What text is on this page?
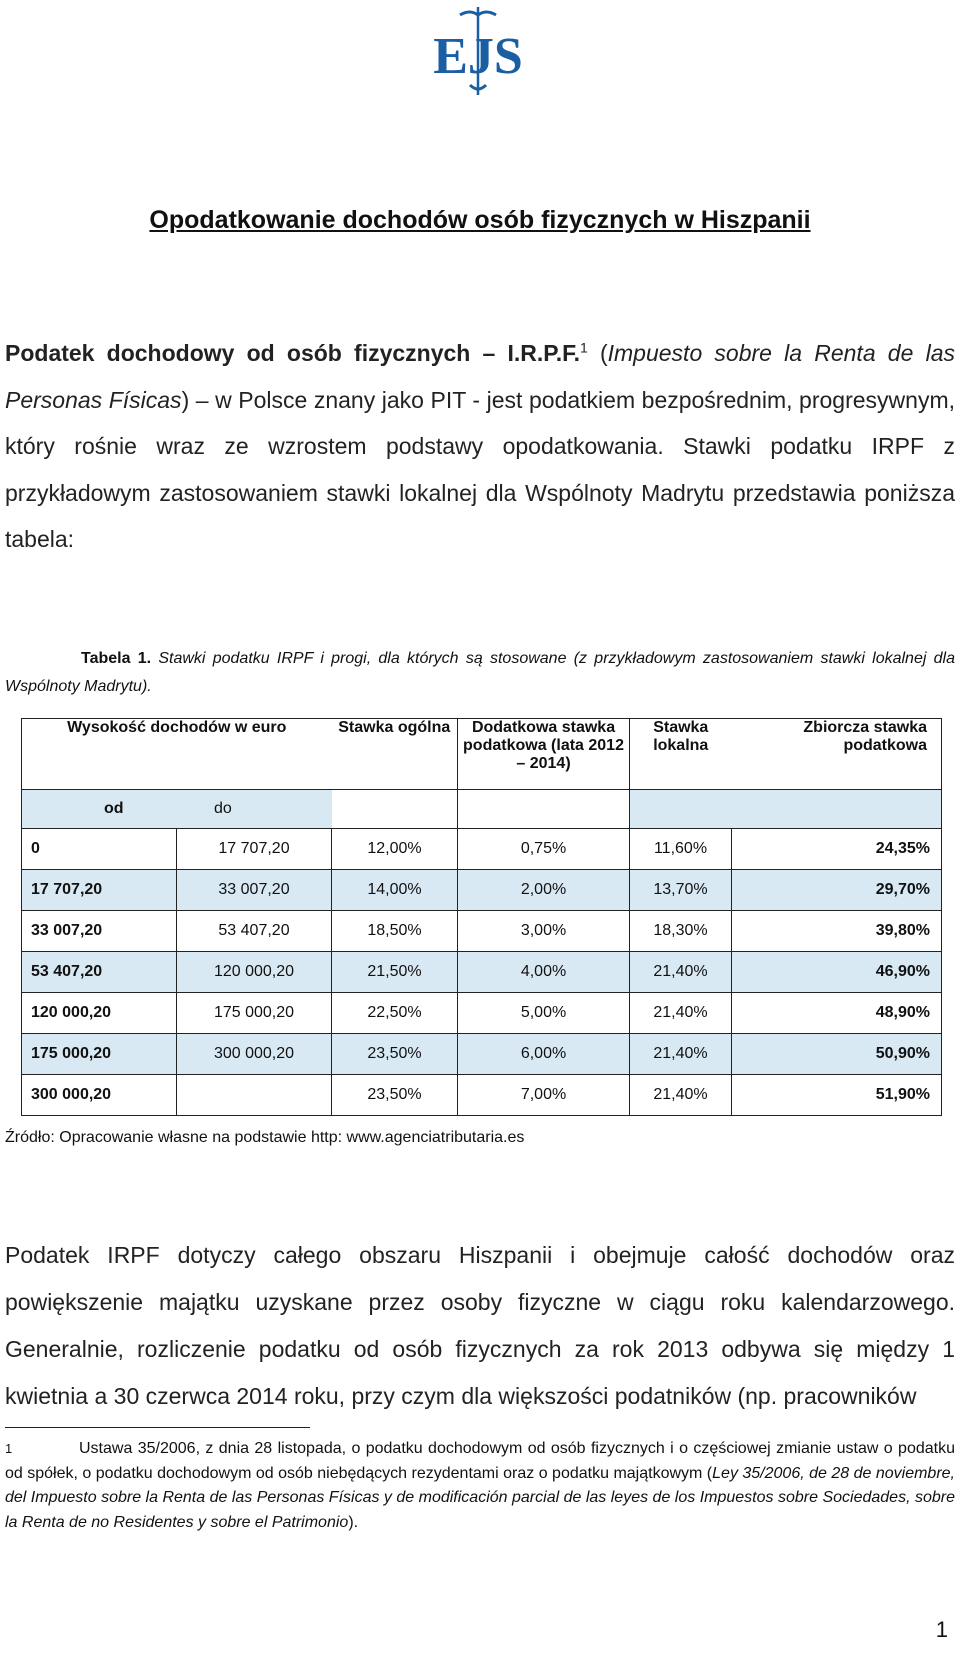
EJS
Opodatkowanie dochodów osób fizycznych w Hiszpanii
Podatek dochodowy od osób fizycznych – I.R.P.F.$^1$ (Impuesto sobre la Renta de las Personas Físicas) – w Polsce znany jako PIT - jest podatkiem bezpośrednim, progresywnym, który rośnie wraz ze wzrostem podstawy opodatkowania. Stawki podatku IRPF z przykładowym zastosowaniem stawki lokalnej dla Wspólnoty Madrytu przedstawia poniższa tabela:
Tabela 1. Stawki podatku IRPF i progi, dla których są stosowane (z przykładowym zastosowaniem stawki lokalnej dla Wspólnoty Madrytu).
Wysokość dochodów w euro		Stawka ogólna	Dodatkowa stawka podatkowa (lata 2012 – 2014)	Stawka lokalna	Zbiorcza stawka podatkowa
od do					
0	17 707,20	12,00%	0,75%	11,60%	24,35%
17 707,20	33 007,20	14,00%	2,00%	13,70%	29,70%
33 007,20	53 407,20	18,50%	3,00%	18,30%	39,80%
53 407,20	120 000,20	21,50%	4,00%	21,40%	46,90%
120 000,20	175 000,20	22,50%	5,00%	21,40%	48,90%
175 000,20	300 000,20	23,50%	6,00%	21,40%	50,90%
300 000,20		23,50%	7,00%	21,40%	51,90%
Źródło: Opracowanie własne na podstawie http: www.agenciatributaria.es
Podatek IRPF dotyczy całego obszaru Hiszpanii i obejmuje całość dochodów oraz powiększenie majątku uzyskane przez osoby fizyczne w ciągu roku kalendarzowego. Generalnie, rozliczenie podatku od osób fizycznych za rok 2013 odbywa się między 1 kwietnia a 30 czerwca 2014 roku, przy czym dla większości podatników (np. pracowników
1	Ustawa 35/2006, z dnia 28 listopada, o podatku dochodowym od osób fizycznych i o częściowej zmianie ustaw o podatku od spółek, o podatku dochodowym od osób niebędących rezydentami oraz o podatku majątkowym (Ley 35/2006, de 28 de noviembre, del Impuesto sobre la Renta de las Personas Físicas y de modificación parcial de las leyes de los Impuestos sobre Sociedades, sobre la Renta de no Residentes y sobre el Patrimonio).
1
